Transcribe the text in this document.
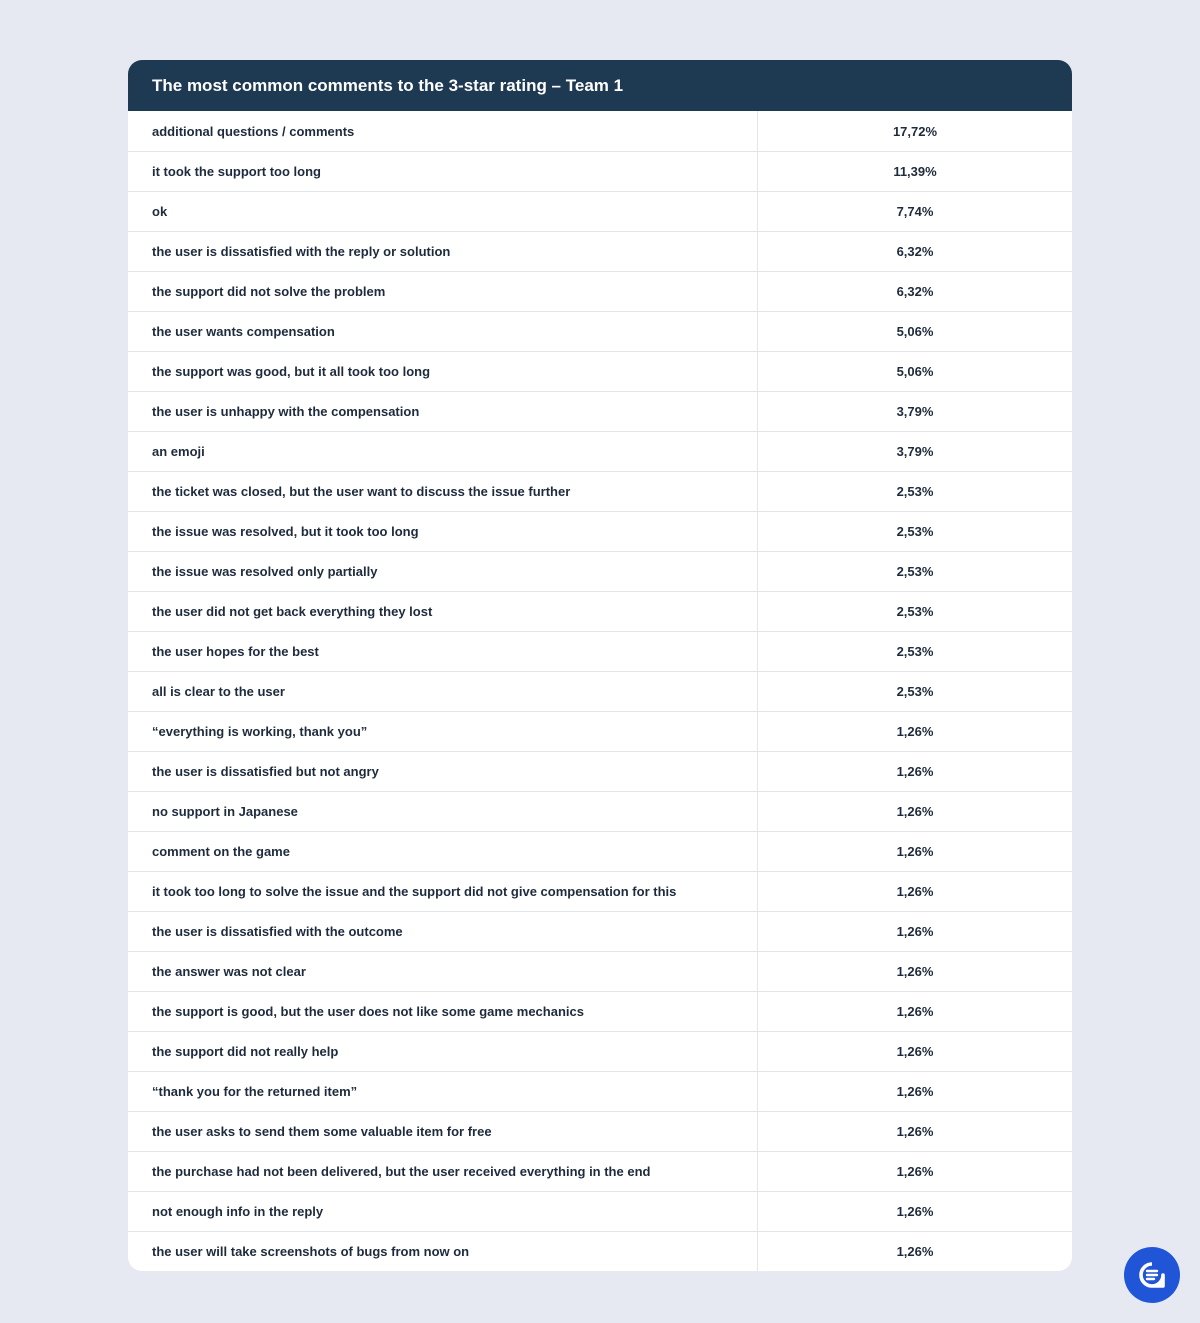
The most common comments to the 3-star rating – Team 1
additional questions / comments	17,72%
it took the support too long	11,39%
ok	7,74%
the user is dissatisfied with the reply or solution	6,32%
the support did not solve the problem	6,32%
the user wants compensation	5,06%
the support was good, but it all took too long	5,06%
the user is unhappy with the compensation	3,79%
an emoji	3,79%
the ticket was closed, but the user want to discuss the issue further	2,53%
the issue was resolved, but it took too long	2,53%
the issue was resolved only partially	2,53%
the user did not get back everything they lost	2,53%
the user hopes for the best	2,53%
all is clear to the user	2,53%
“everything is working, thank you”	1,26%
the user is dissatisfied but not angry	1,26%
no support in Japanese	1,26%
comment on the game	1,26%
it took too long to solve the issue and the support did not give compensation for this	1,26%
the user is dissatisfied with the outcome	1,26%
the answer was not clear	1,26%
the support is good, but the user does not like some game mechanics	1,26%
the support did not really help	1,26%
“thank you for the returned item”	1,26%
the user asks to send them some valuable item for free	1,26%
the purchase had not been delivered, but the user received everything in the end	1,26%
not enough info in the reply	1,26%
the user will take screenshots of bugs from now on	1,26%
